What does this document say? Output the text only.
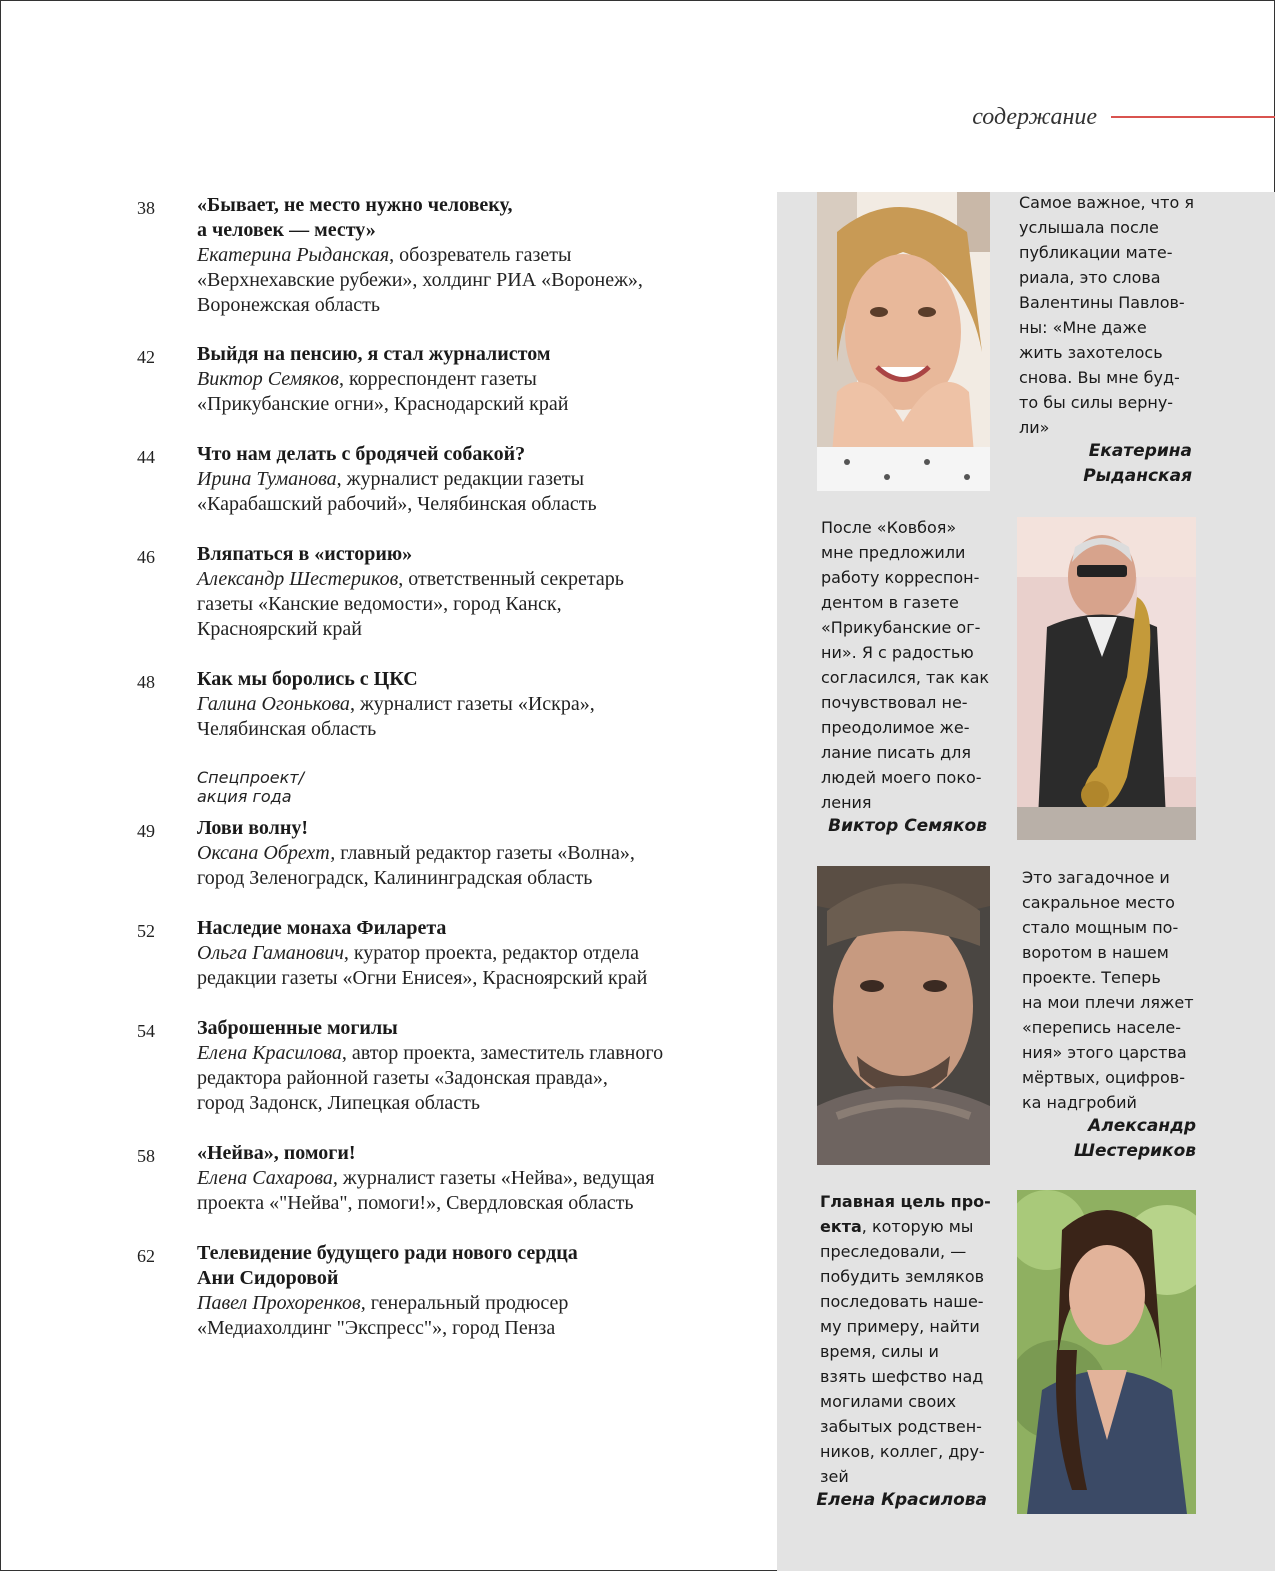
содержание
38 «Бывает, не место нужно человеку,
а человек — месту»
Екатерина Рыданская, обозреватель газеты
«Верхнехавские рубежи», холдинг РИА «Воронеж»,
Воронежская область
42 Выйдя на пенсию, я стал журналистом
Виктор Семяков, корреспондент газеты
«Прикубанские огни», Краснодарский край
44 Что нам делать с бродячей собакой?
Ирина Туманова, журналист редакции газеты
«Карабашский рабочий», Челябинская область
46 Вляпаться в «историю»
Александр Шестериков, ответственный секретарь
газеты «Канские ведомости», город Канск,
Красноярский край
48 Как мы боролись с ЦКС
Галина Огонькова, журналист газеты «Искра»,
Челябинская область
Спецпроект/акция года
49 Лови волну!
Оксана Обрехт, главный редактор газеты «Волна»,
город Зеленоградск, Калининградская область
52 Наследие монаха Филарета
Ольга Гаманович, куратор проекта, редактор отдела
редакции газеты «Огни Енисея», Красноярский край
54 Заброшенные могилы
Елена Красилова, автор проекта, заместитель главного
редактора районной газеты «Задонская правда»,
город Задонск, Липецкая область
58 «Нейва», помоги!
Елена Сахарова, журналист газеты «Нейва», ведущая
проекта «"Нейва", помоги!», Свердловская область
62 Телевидение будущего ради нового сердца
Ани Сидоровой
Павел Прохоренков, генеральный продюсер
«Медиахолдинг "Экспресс"», город Пенза
Самое важное, что я
услышала после
публикации мате-
риала, это слова
Валентины Павлов-
ны: «Мне даже
жить захотелось
снова. Вы мне буд-
то бы силы верну-
ли»
Екатерина
Рыданская
После «Ковбоя»
мне предложили
работу корреспон-
дентом в газете
«Прикубанские ог-
ни». Я с радостью
согласился, так как
почувствовал не-
преодолимое же-
лание писать для
людей моего поко-
ления
Виктор Семяков
Это загадочное и
сакральное место
стало мощным по-
воротом в нашем
проекте. Теперь
на мои плечи ляжет
«перепись населе-
ния» этого царства
мёртвых, оцифров-
ка надгробий
Александр
Шестериков
Главная цель про-
екта, которую мы
преследовали, —
побудить земляков
последовать наше-
му примеру, найти
время, силы и
взять шефство над
могилами своих
забытых родствен-
ников, коллег, дру-
зей
Елена Красилова
